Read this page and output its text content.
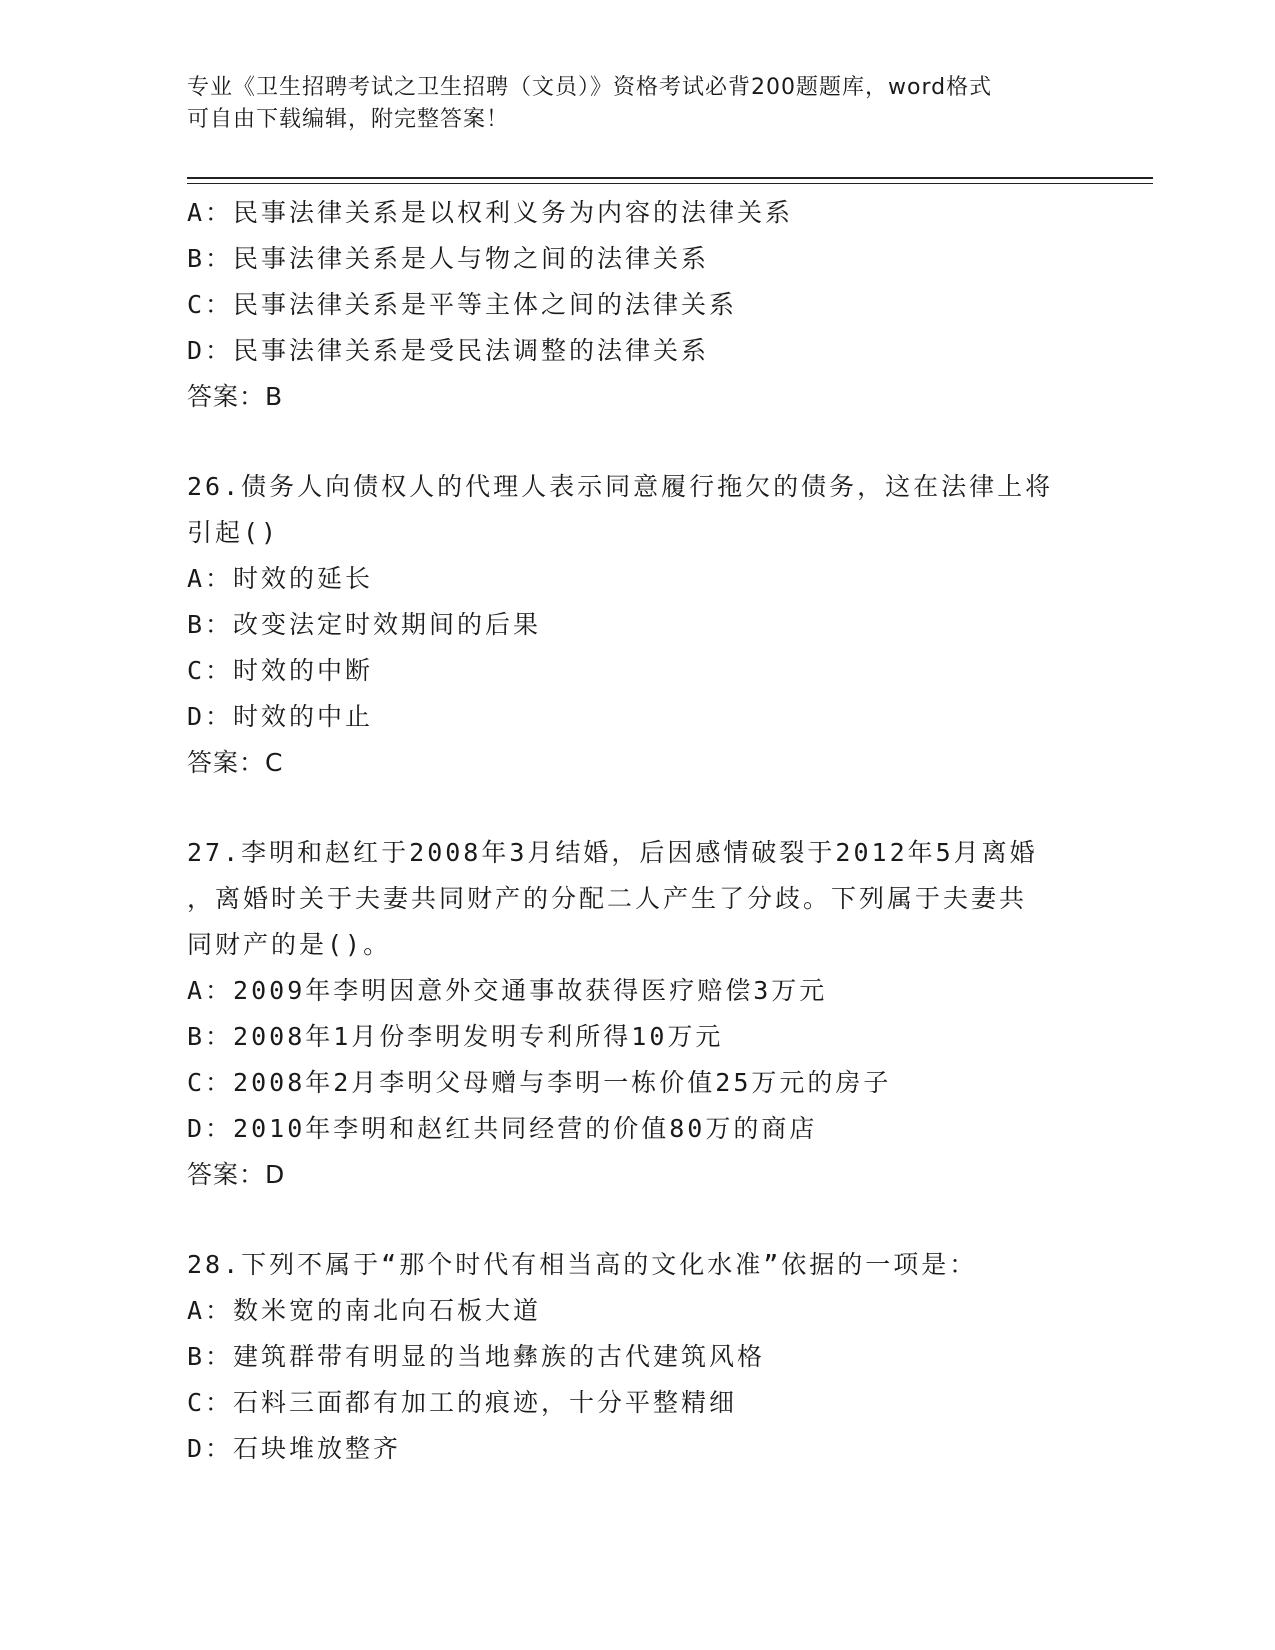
专业《卫生招聘考试之卫生招聘（文员）》资格考试必背200题题库，word格式
可自由下载编辑，附完整答案！
A：民事法律关系是以权利义务为内容的法律关系
B：民事法律关系是人与物之间的法律关系
C：民事法律关系是平等主体之间的法律关系
D：民事法律关系是受民法调整的法律关系
答案：B
26.债务人向债权人的代理人表示同意履行拖欠的债务，这在法律上将
引起()
A：时效的延长
B：改变法定时效期间的后果
C：时效的中断
D：时效的中止
答案：C
27.李明和赵红于2008年3月结婚，后因感情破裂于2012年5月离婚
，离婚时关于夫妻共同财产的分配二人产生了分歧。下列属于夫妻共
同财产的是()。
A：2009年李明因意外交通事故获得医疗赔偿3万元
B：2008年1月份李明发明专利所得10万元
C：2008年2月李明父母赠与李明一栋价值25万元的房子
D：2010年李明和赵红共同经营的价值80万的商店
答案：D
28.下列不属于“那个时代有相当高的文化水准”依据的一项是：
A：数米宽的南北向石板大道
B：建筑群带有明显的当地彝族的古代建筑风格
C：石料三面都有加工的痕迹，十分平整精细
D：石块堆放整齐
